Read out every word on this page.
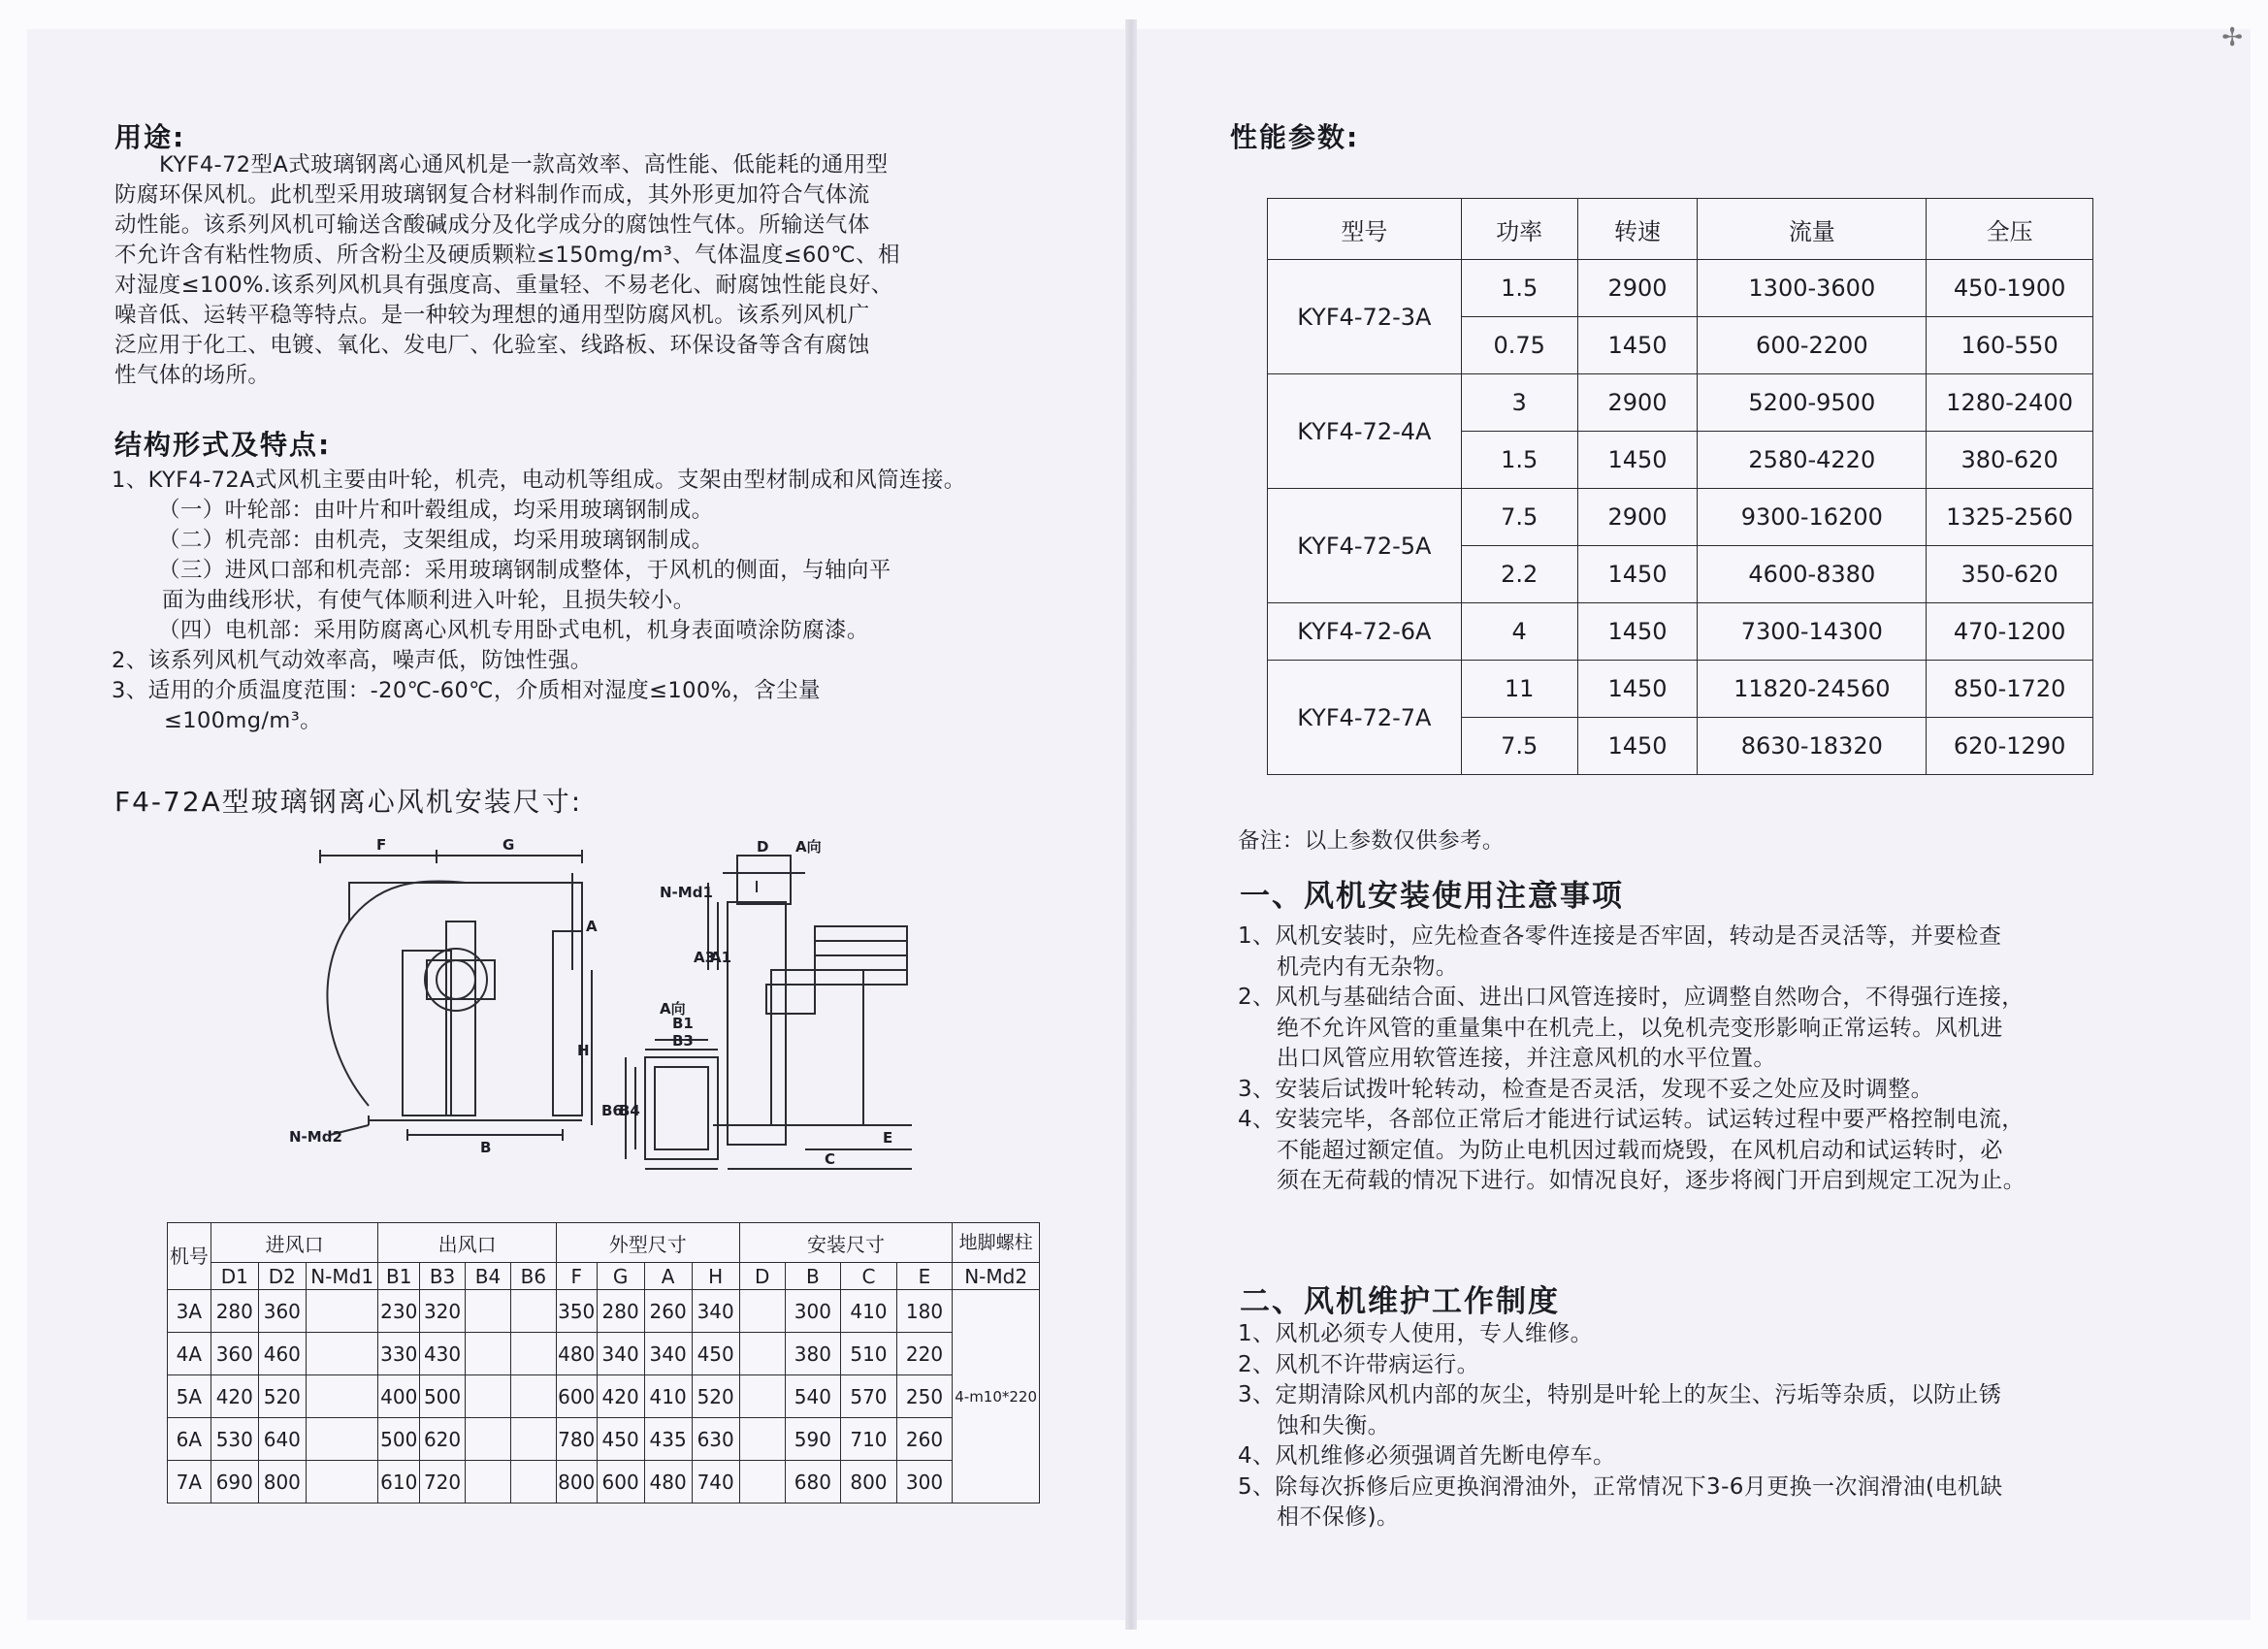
✢
用途:
KYF4-72型A式玻璃钢离心通风机是一款高效率、高性能、低能耗的通用型
防腐环保风机。此机型采用玻璃钢复合材料制作而成，其外形更加符合气体流
动性能。该系列风机可输送含酸碱成分及化学成分的腐蚀性气体。所输送气体
不允许含有粘性物质、所含粉尘及硬质颗粒≤150mg/m³、气体温度≤60℃、相
对湿度≤100%.该系列风机具有强度高、重量轻、不易老化、耐腐蚀性能良好、
噪音低、运转平稳等特点。是一种较为理想的通用型防腐风机。该系列风机广
泛应用于化工、电镀、氧化、发电厂、化验室、线路板、环保设备等含有腐蚀
性气体的场所。
结构形式及特点:
1、KYF4-72A式风机主要由叶轮，机壳，电动机等组成。支架由型材制成和风筒连接。
（一）叶轮部：由叶片和叶毂组成，均采用玻璃钢制成。
（二）机壳部：由机壳，支架组成，均采用玻璃钢制成。
（三）进风口部和机壳部：采用玻璃钢制成整体，于风机的侧面，与轴向平
面为曲线形状，有使气体顺利进入叶轮，且损失较小。
（四）电机部：采用防腐离心风机专用卧式电机，机身表面喷涂防腐漆。
2、该系列风机气动效率高，噪声低，防蚀性强。
3、适用的介质温度范围：-20℃-60℃，介质相对湿度≤100%，含尘量
≤100mg/m³。
F4-72A型玻璃钢离心风机安装尺寸:
F	G
A
H
B
N-Md2
N-Md1
A3
A1
A向
B1
B3
B6
B4
D A向
E
C
机号	进风口			出风口				外型尺寸				安装尺寸				地脚螺柱
	D1	D2	N-Md1	B1	B3	B4	B6	F	G	A	H	D	B	C	E	N-Md2
3A	280	360		230	320			350	280	260	340		300	410	180	4-m10*220
4A	360	460		330	430			480	340	340	450		380	510	220	
5A	420	520		400	500			600	420	410	520		540	570	250	
6A	530	640		500	620			780	450	435	630		590	710	260	
7A	690	800		610	720			800	600	480	740		680	800	300	
性能参数:
型号	功率	转速	流量	全压
KYF4-72-3A	1.5	2900	1300-3600	450-1900
	0.75	1450	600-2200	160-550
KYF4-72-4A	3	2900	5200-9500	1280-2400
	1.5	1450	2580-4220	380-620
KYF4-72-5A	7.5	2900	9300-16200	1325-2560
	2.2	1450	4600-8380	350-620
KYF4-72-6A	4	1450	7300-14300	470-1200
KYF4-72-7A	11	1450	11820-24560	850-1720
	7.5	1450	8630-18320	620-1290
备注：以上参数仅供参考。
一、风机安装使用注意事项
1、风机安装时，应先检查各零件连接是否牢固，转动是否灵活等，并要检查
机壳内有无杂物。
2、风机与基础结合面、进出口风管连接时，应调整自然吻合，不得强行连接，
绝不允许风管的重量集中在机壳上，以免机壳变形影响正常运转。风机进
出口风管应用软管连接，并注意风机的水平位置。
3、安装后试拨叶轮转动，检查是否灵活，发现不妥之处应及时调整。
4、安装完毕，各部位正常后才能进行试运转。试运转过程中要严格控制电流，
不能超过额定值。为防止电机因过载而烧毁，在风机启动和试运转时，必
须在无荷载的情况下进行。如情况良好，逐步将阀门开启到规定工况为止。
二、风机维护工作制度
1、风机必须专人使用，专人维修。
2、风机不许带病运行。
3、定期清除风机内部的灰尘，特别是叶轮上的灰尘、污垢等杂质，以防止锈
蚀和失衡。
4、风机维修必须强调首先断电停车。
5、除每次拆修后应更换润滑油外，正常情况下3-6月更换一次润滑油(电机缺
相不保修)。
